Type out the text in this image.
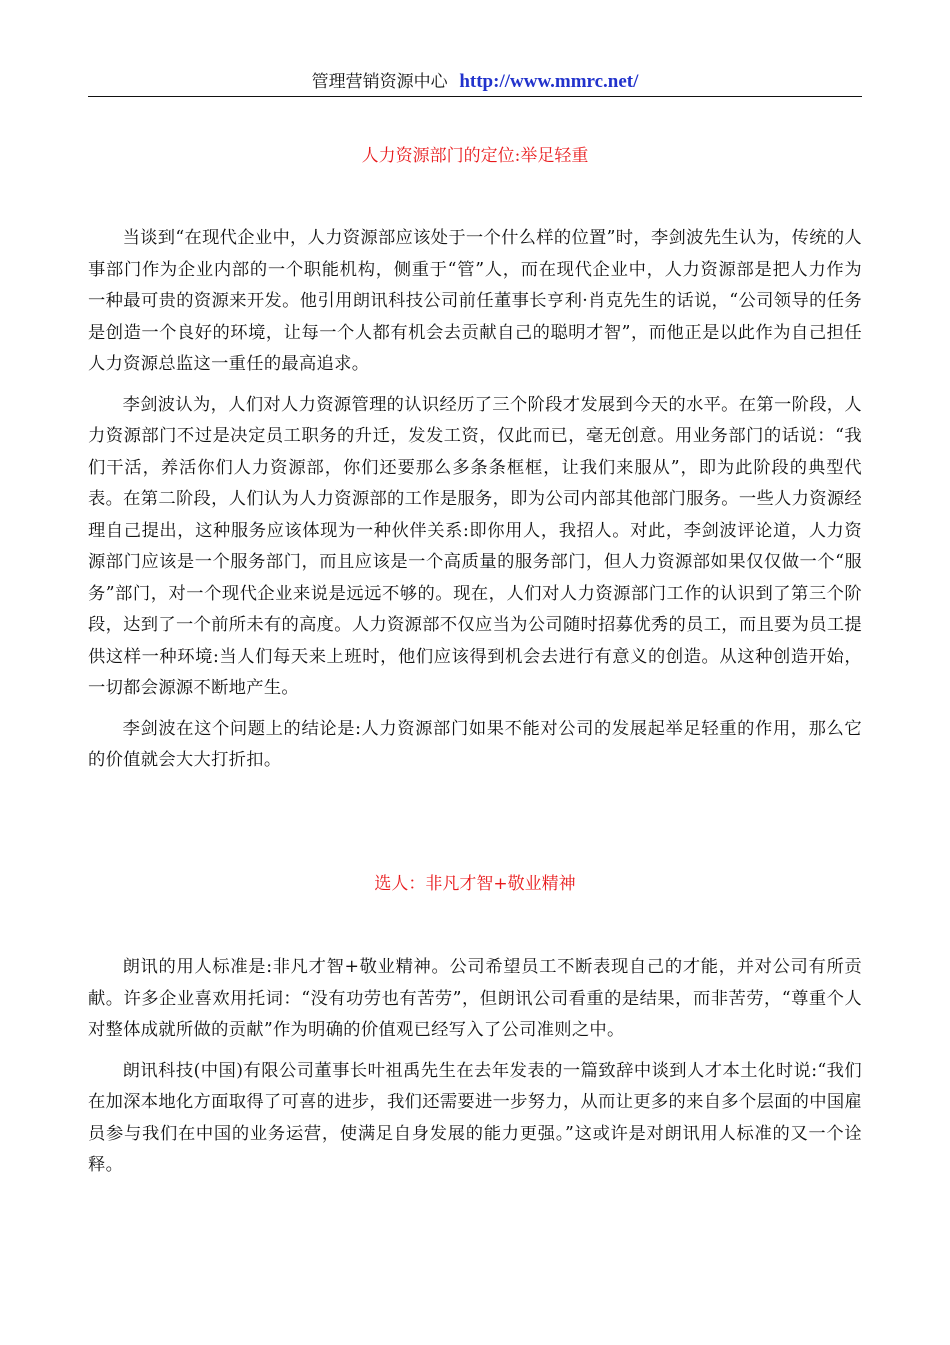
管理营销资源中心 http://www.mmrc.net/
人力资源部门的定位:举足轻重

当谈到“在现代企业中，人力资源部应该处于一个什么样的位置”时，李剑波先生认为，传统的人事部门作为企业内部的一个职能机构，侧重于“管”人，而在现代企业中，人力资源部是把人力作为一种最可贵的资源来开发。他引用朗讯科技公司前任董事长亨利·肖克先生的话说，“公司领导的任务是创造一个良好的环境，让每一个人都有机会去贡献自己的聪明才智”，而他正是以此作为自己担任人力资源总监这一重任的最高追求。

李剑波认为，人们对人力资源管理的认识经历了三个阶段才发展到今天的水平。在第一阶段，人力资源部门不过是决定员工职务的升迁，发发工资，仅此而已，毫无创意。用业务部门的话说：“我们干活，养活你们人力资源部，你们还要那么多条条框框，让我们来服从”，即为此阶段的典型代表。在第二阶段，人们认为人力资源部的工作是服务，即为公司内部其他部门服务。一些人力资源经理自己提出，这种服务应该体现为一种伙伴关系:即你用人，我招人。对此，李剑波评论道，人力资源部门应该是一个服务部门，而且应该是一个高质量的服务部门，但人力资源部如果仅仅做一个“服务”部门，对一个现代企业来说是远远不够的。现在，人们对人力资源部门工作的认识到了第三个阶段，达到了一个前所未有的高度。人力资源部不仅应当为公司随时招募优秀的员工，而且要为员工提供这样一种环境:当人们每天来上班时，他们应该得到机会去进行有意义的创造。从这种创造开始，一切都会源源不断地产生。

李剑波在这个问题上的结论是:人力资源部门如果不能对公司的发展起举足轻重的作用，那么它的价值就会大大打折扣。

选人：非凡才智+敬业精神

朗讯的用人标准是:非凡才智+敬业精神。公司希望员工不断表现自己的才能，并对公司有所贡献。许多企业喜欢用托词：“没有功劳也有苦劳”，但朗讯公司看重的是结果，而非苦劳，“尊重个人对整体成就所做的贡献”作为明确的价值观已经写入了公司准则之中。

朗讯科技(中国)有限公司董事长叶祖禹先生在去年发表的一篇致辞中谈到人才本土化时说:“我们在加深本地化方面取得了可喜的进步，我们还需要进一步努力，从而让更多的来自多个层面的中国雇员参与我们在中国的业务运营，使满足自身发展的能力更强。”这或许是对朗讯用人标准的又一个诠释。
